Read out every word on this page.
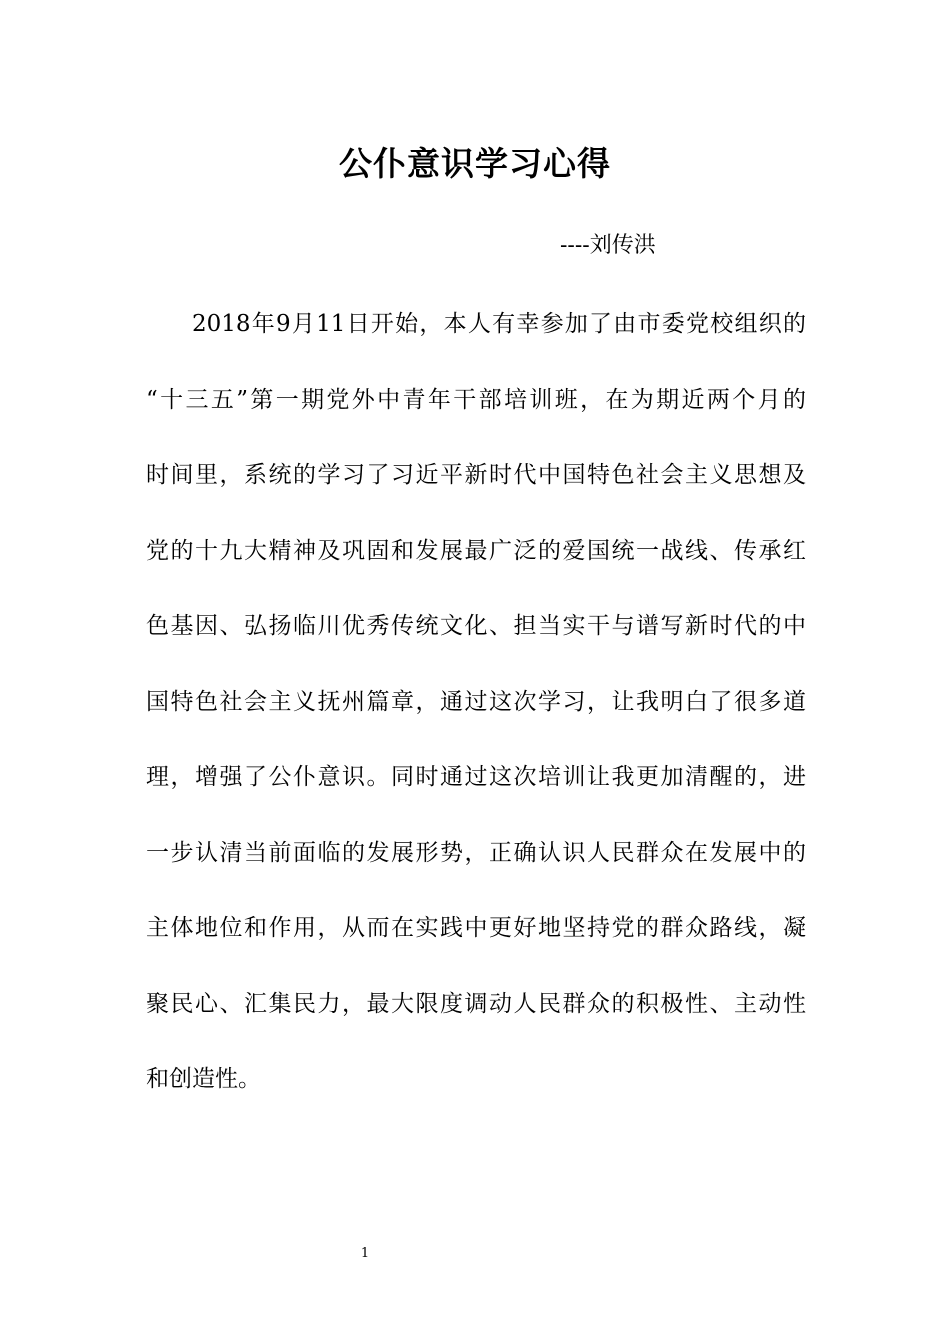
公仆意识学习心得
----刘传洪
2018年9月11日开始，本人有幸参加了由市委党校组织的
“十三五”第一期党外中青年干部培训班，在为期近两个月的
时间里，系统的学习了习近平新时代中国特色社会主义思想及
党的十九大精神及巩固和发展最广泛的爱国统一战线、传承红
色基因、弘扬临川优秀传统文化、担当实干与谱写新时代的中
国特色社会主义抚州篇章，通过这次学习，让我明白了很多道
理，增强了公仆意识。同时通过这次培训让我更加清醒的，进
一步认清当前面临的发展形势，正确认识人民群众在发展中的
主体地位和作用，从而在实践中更好地坚持党的群众路线，凝
聚民心、汇集民力，最大限度调动人民群众的积极性、主动性
和创造性。
1
